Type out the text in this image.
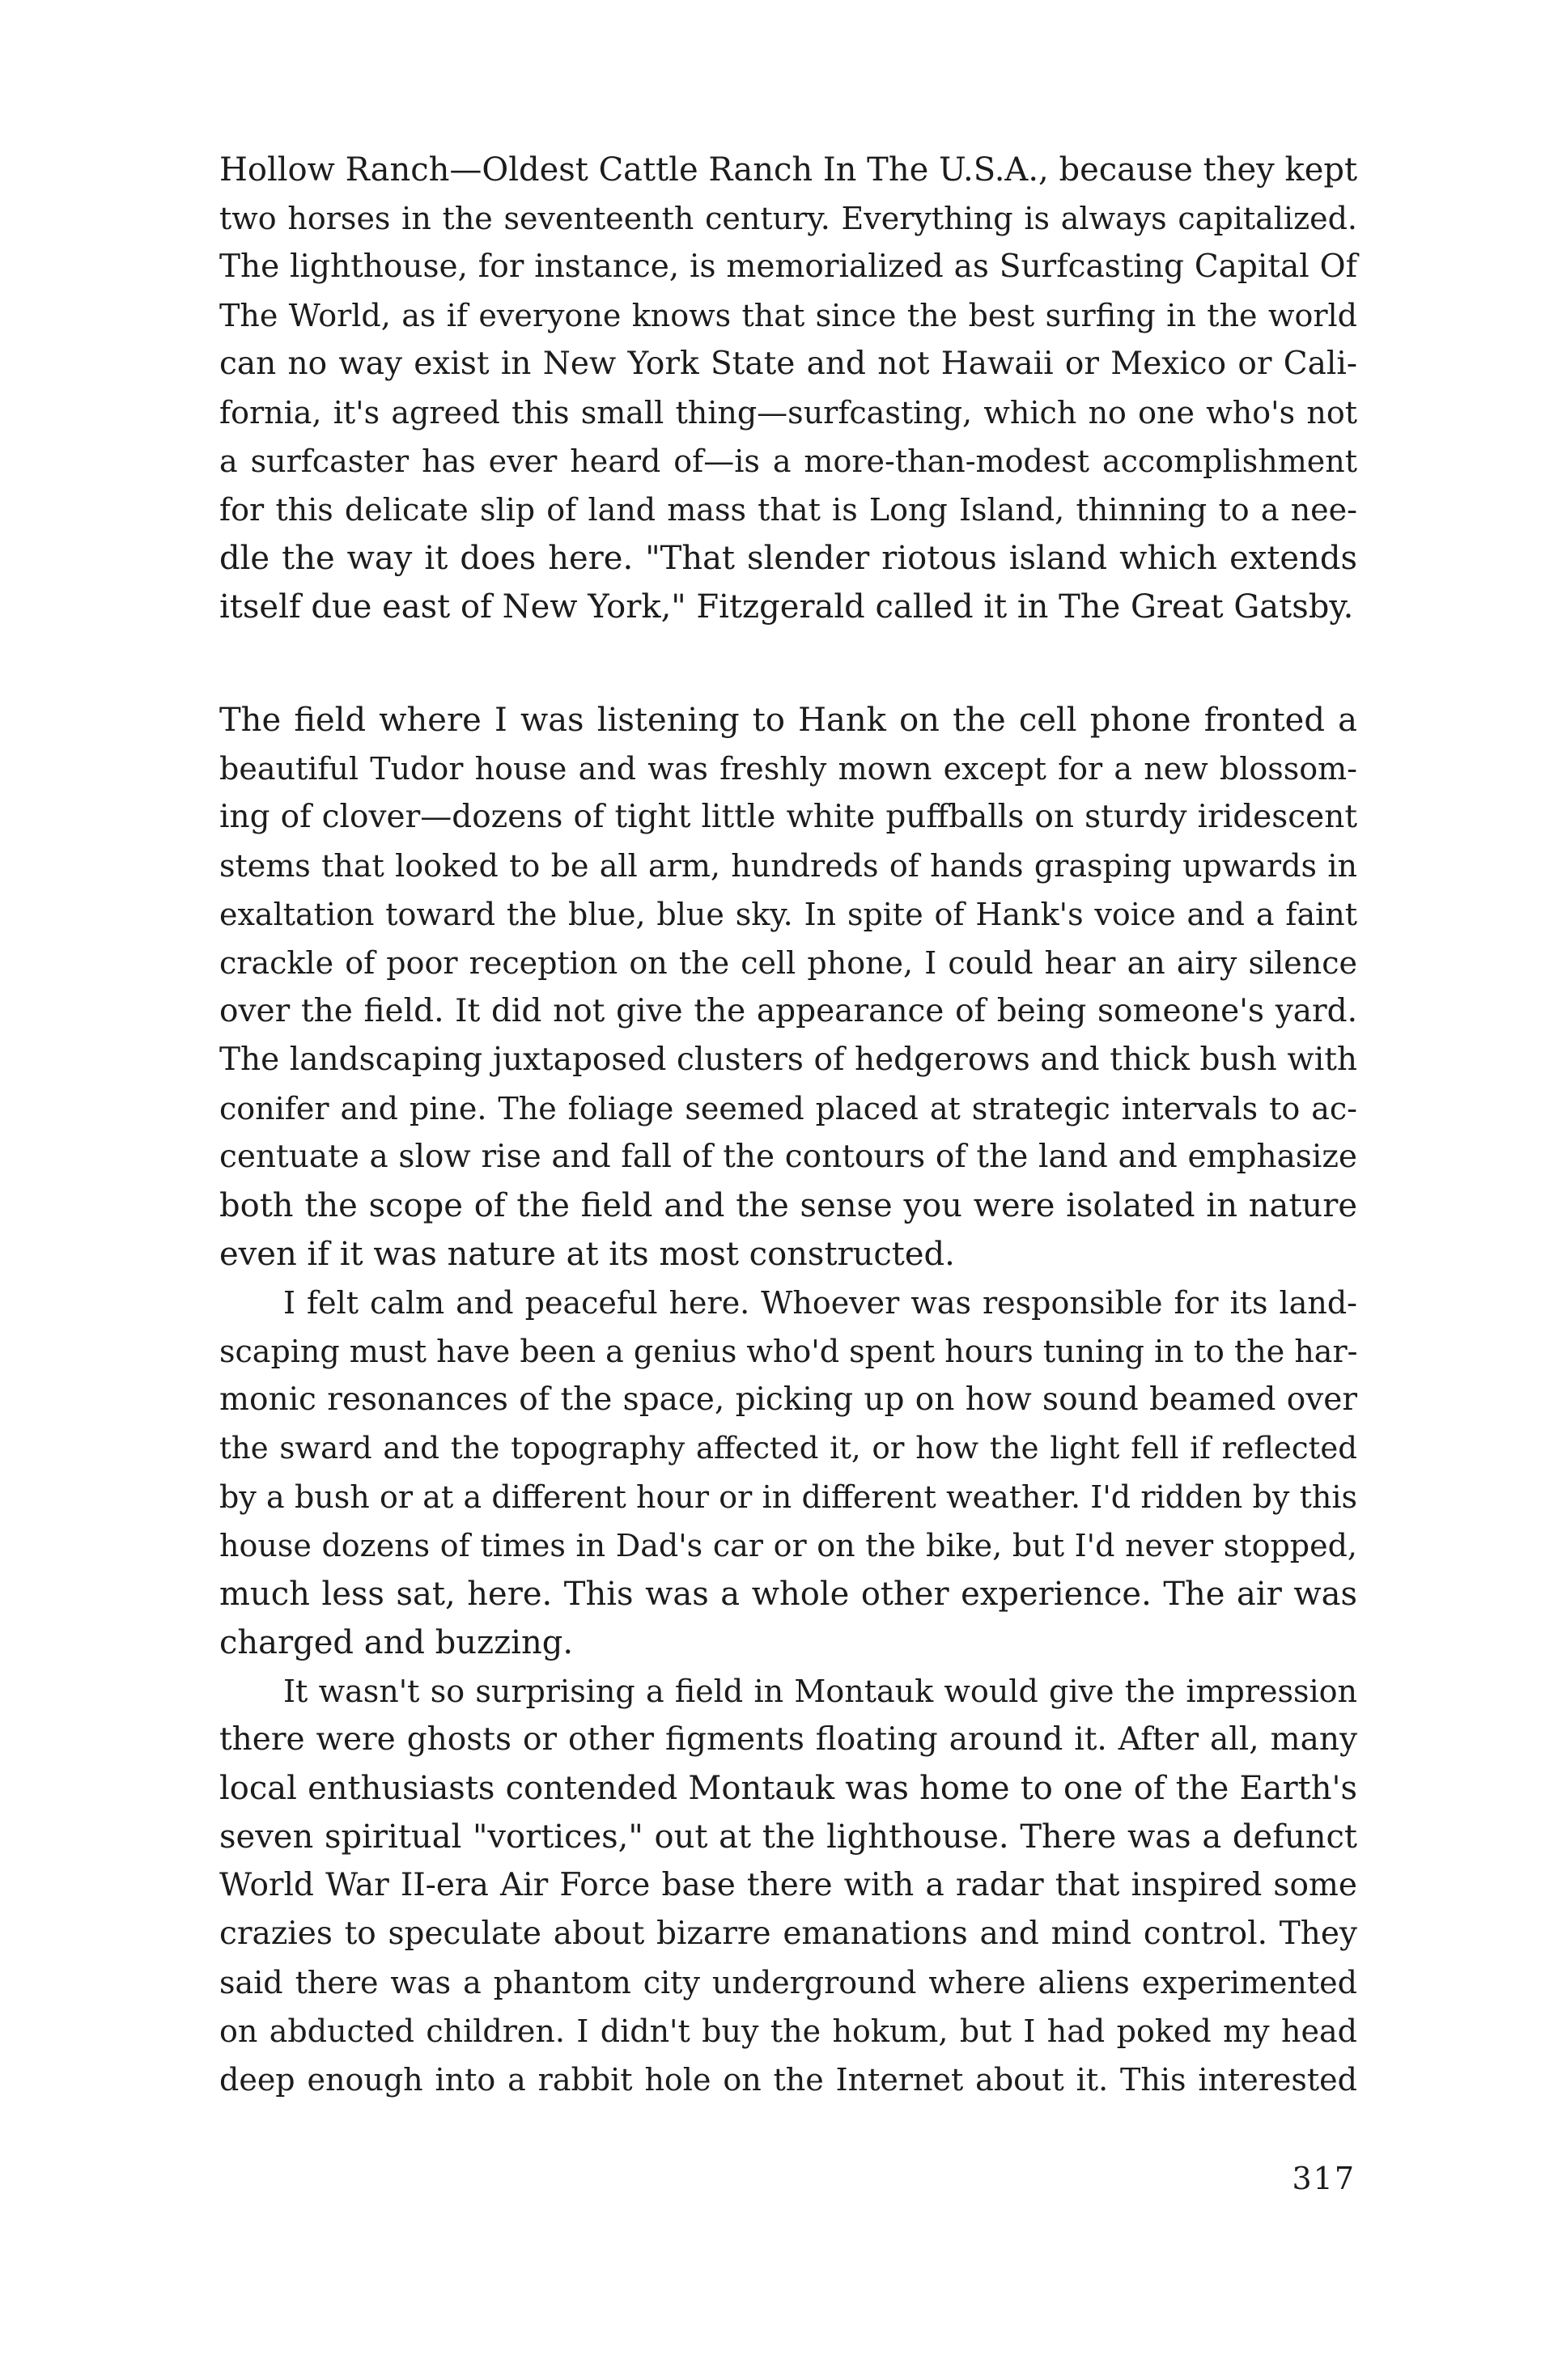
Hollow Ranch—Oldest Cattle Ranch In The U.S.A., because they kept
two horses in the seventeenth century. Everything is always capitalized.
The lighthouse, for instance, is memorialized as Surfcasting Capital Of
The World, as if everyone knows that since the best surfing in the world
can no way exist in New York State and not Hawaii or Mexico or Cali-
fornia, it's agreed this small thing—surfcasting, which no one who's not
a surfcaster has ever heard of—is a more-than-modest accomplishment
for this delicate slip of land mass that is Long Island, thinning to a nee-
dle the way it does here. "That slender riotous island which extends
itself due east of New York," Fitzgerald called it in The Great Gatsby.
The field where I was listening to Hank on the cell phone fronted a
beautiful Tudor house and was freshly mown except for a new blossom-
ing of clover—dozens of tight little white puffballs on sturdy iridescent
stems that looked to be all arm, hundreds of hands grasping upwards in
exaltation toward the blue, blue sky. In spite of Hank's voice and a faint
crackle of poor reception on the cell phone, I could hear an airy silence
over the field. It did not give the appearance of being someone's yard.
The landscaping juxtaposed clusters of hedgerows and thick bush with
conifer and pine. The foliage seemed placed at strategic intervals to ac-
centuate a slow rise and fall of the contours of the land and emphasize
both the scope of the field and the sense you were isolated in nature
even if it was nature at its most constructed.
I felt calm and peaceful here. Whoever was responsible for its land-
scaping must have been a genius who'd spent hours tuning in to the har-
monic resonances of the space, picking up on how sound beamed over
the sward and the topography affected it, or how the light fell if reflected
by a bush or at a different hour or in different weather. I'd ridden by this
house dozens of times in Dad's car or on the bike, but I'd never stopped,
much less sat, here. This was a whole other experience. The air was
charged and buzzing.
It wasn't so surprising a field in Montauk would give the impression
there were ghosts or other figments floating around it. After all, many
local enthusiasts contended Montauk was home to one of the Earth's
seven spiritual "vortices," out at the lighthouse. There was a defunct
World War II-era Air Force base there with a radar that inspired some
crazies to speculate about bizarre emanations and mind control. They
said there was a phantom city underground where aliens experimented
on abducted children. I didn't buy the hokum, but I had poked my head
deep enough into a rabbit hole on the Internet about it. This interested
317
